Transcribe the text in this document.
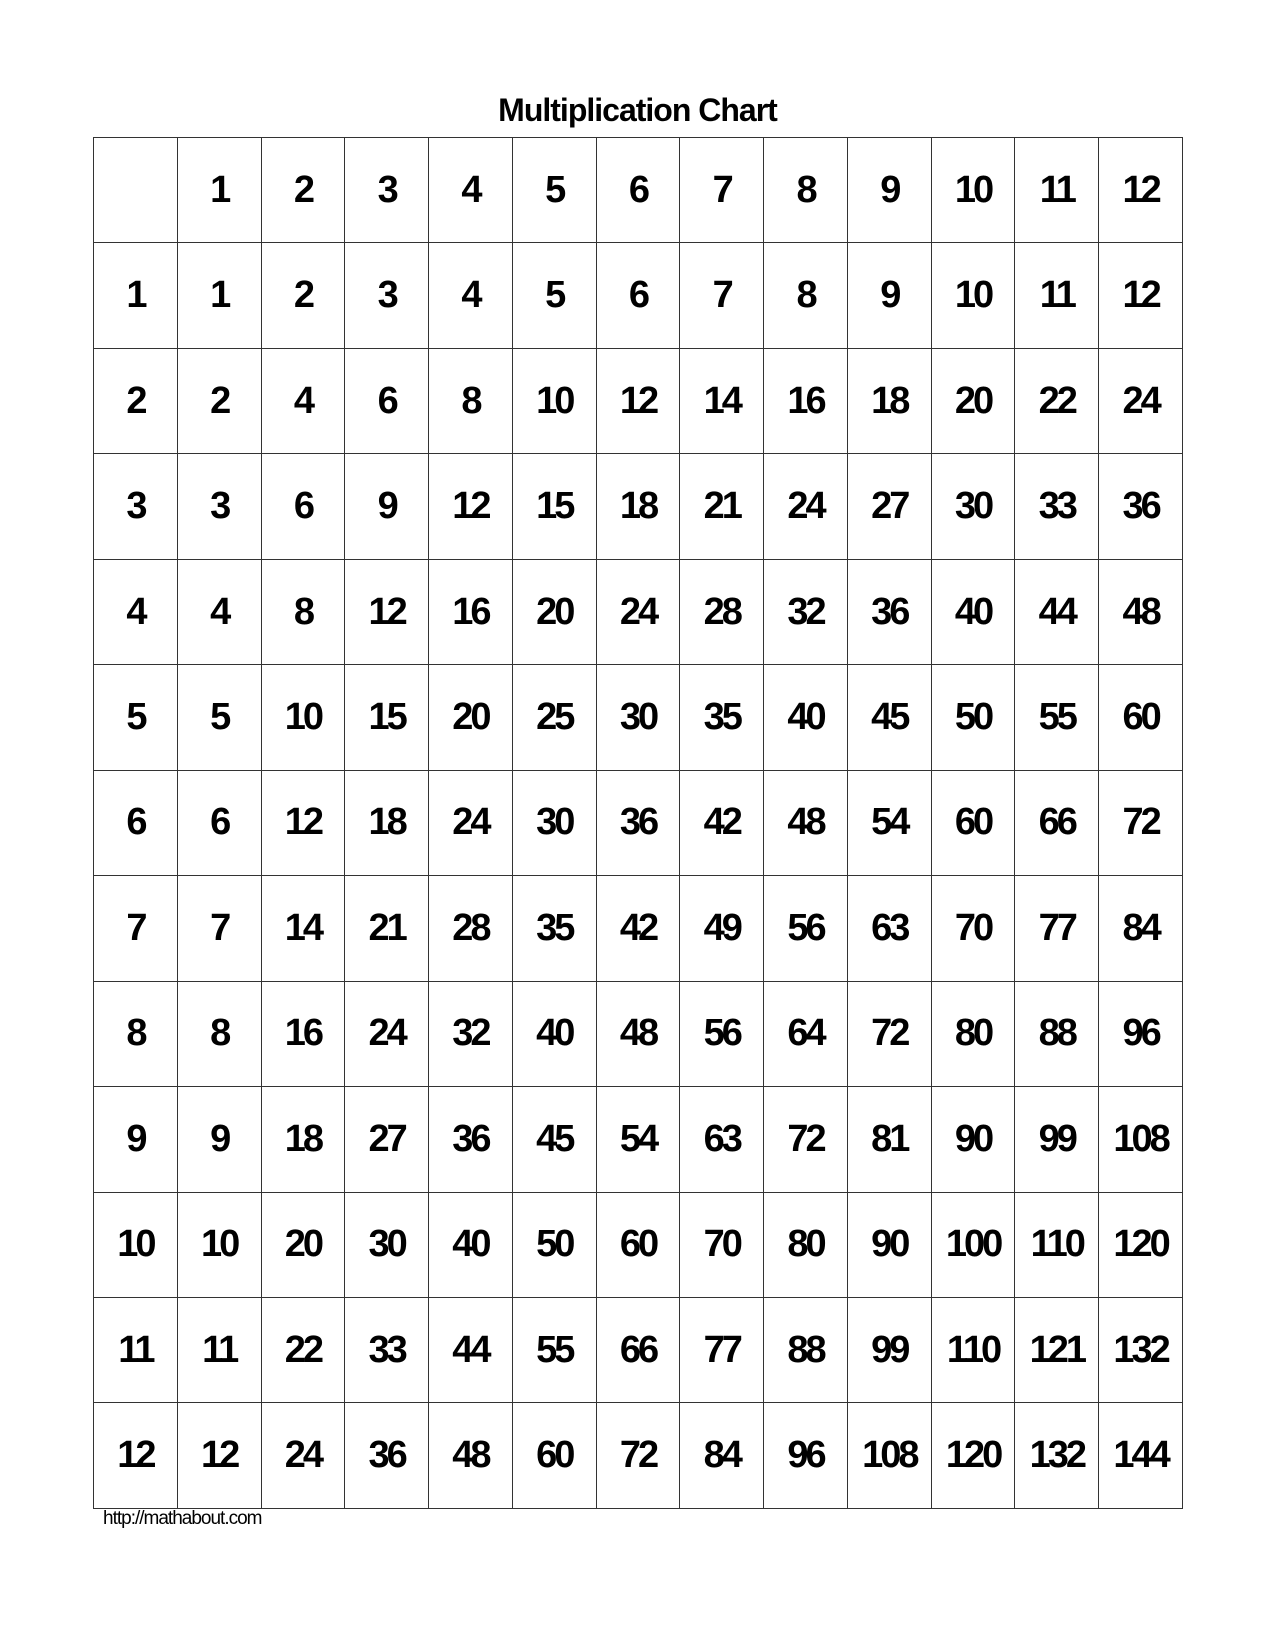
Multiplication Chart
	1	2	3	4	5	6	7	8	9	10	11	12
1	1	2	3	4	5	6	7	8	9	10	11	12
2	2	4	6	8	10	12	14	16	18	20	22	24
3	3	6	9	12	15	18	21	24	27	30	33	36
4	4	8	12	16	20	24	28	32	36	40	44	48
5	5	10	15	20	25	30	35	40	45	50	55	60
6	6	12	18	24	30	36	42	48	54	60	66	72
7	7	14	21	28	35	42	49	56	63	70	77	84
8	8	16	24	32	40	48	56	64	72	80	88	96
9	9	18	27	36	45	54	63	72	81	90	99	108
10	10	20	30	40	50	60	70	80	90	100	110	120
11	11	22	33	44	55	66	77	88	99	110	121	132
12	12	24	36	48	60	72	84	96	108	120	132	144
http://mathabout.com
